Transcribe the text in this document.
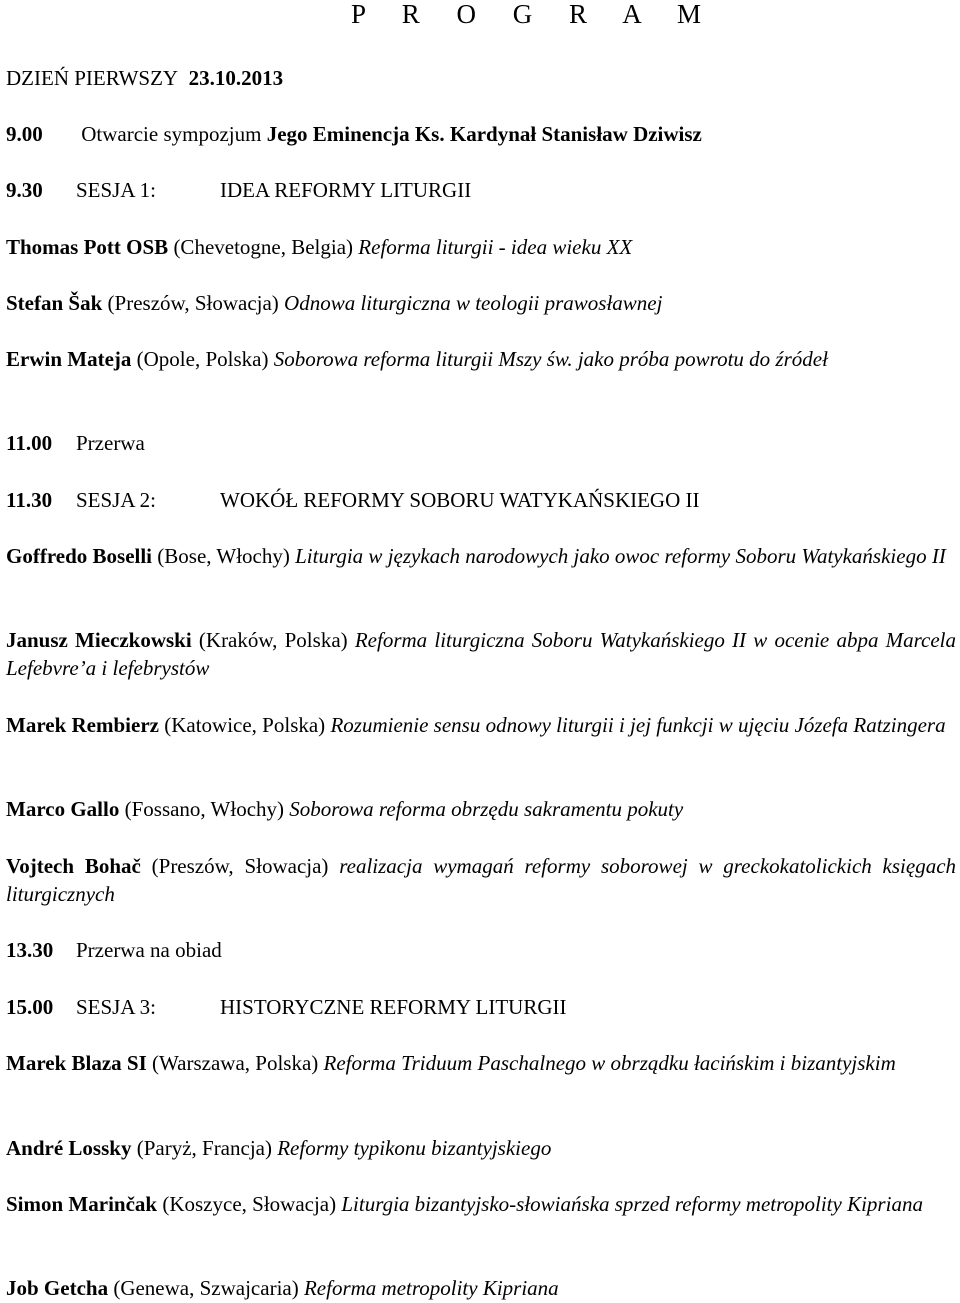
P R O G R A M
DZIEŃ PIERWSZY 23.10.2013
9.00 Otwarcie sympozjum Jego Eminencja Ks. Kardynał Stanisław Dziwisz
9.30 SESJA 1:	IDEA REFORMY LITURGII
Thomas Pott OSB (Chevetogne, Belgia) Reforma liturgii - idea wieku XX
Stefan Šak (Preszów, Słowacja) Odnowa liturgiczna w teologii prawosławnej
Erwin Mateja (Opole, Polska) Soborowa reforma liturgii Mszy św. jako próba powrotu do źródeł
11.00 Przerwa
11.30 SESJA 2:	WOKÓŁ REFORMY SOBORU WATYKAŃSKIEGO II
Goffredo Boselli (Bose, Włochy) Liturgia w językach narodowych jako owoc reformy Soboru Watykańskiego II
Janusz Mieczkowski (Kraków, Polska) Reforma liturgiczna Soboru Watykańskiego II w ocenie abpa Marcela Lefebvre’a i lefebrystów
Marek Rembierz (Katowice, Polska) Rozumienie sensu odnowy liturgii i jej funkcji w ujęciu Józefa Ratzingera
Marco Gallo (Fossano, Włochy) Soborowa reforma obrzędu sakramentu pokuty
Vojtech Bohač (Preszów, Słowacja) realizacja wymagań reformy soborowej w greckokatolickich księgach liturgicznych
13.30 Przerwa na obiad
15.00 SESJA 3:	HISTORYCZNE REFORMY LITURGII
Marek Blaza SI (Warszawa, Polska) Reforma Triduum Paschalnego w obrządku łacińskim i bizantyjskim
André Lossky (Paryż, Francja) Reformy typikonu bizantyjskiego
Simon Marinčak (Koszyce, Słowacja) Liturgia bizantyjsko-słowiańska sprzed reformy metropolity Kipriana
Job Getcha (Genewa, Szwajcaria) Reforma metropolity Kipriana
